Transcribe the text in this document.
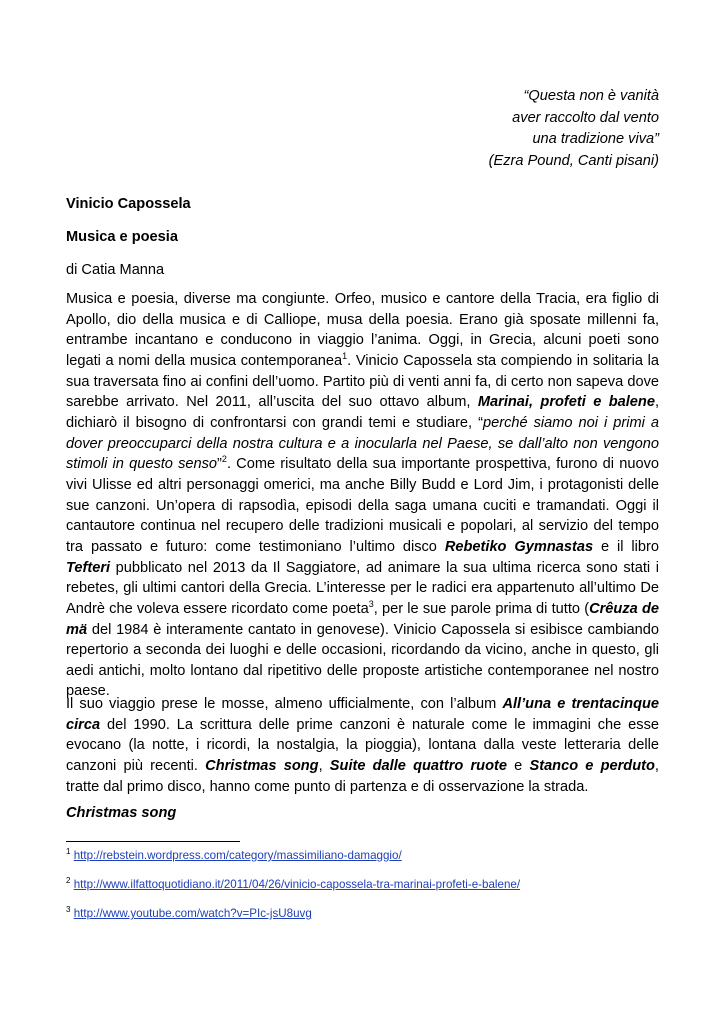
“Questa non è vanità
aver raccolto dal vento
una tradizione viva”
(Ezra Pound, Canti pisani)
Vinicio Capossela
Musica e poesia
di Catia Manna
Musica e poesia, diverse ma congiunte. Orfeo, musico e cantore della Tracia, era figlio di
Apollo, dio della musica e di Calliope, musa della poesia. Erano già sposate millenni fa,
entrambe incantano e conducono in viaggio l’anima. Oggi, in Grecia, alcuni poeti sono
legati a nomi della musica contemporanea$^1$. Vinicio Capossela sta compiendo in solitaria la
sua traversata fino ai confini dell’uomo. Partito più di venti anni fa, di certo non sapeva dove
sarebbe arrivato. Nel 2011, all’uscita del suo ottavo album, Marinai, profeti e balene,
dichiarò il bisogno di confrontarsi con grandi temi e studiare, “perché siamo noi i primi a
dover preoccuparci della nostra cultura e a inocularla nel Paese, se dall’alto non vengono
stimoli in questo senso”$^2$. Come risultato della sua importante prospettiva, furono di nuovo
vivi Ulisse ed altri personaggi omerici, ma anche Billy Budd e Lord Jim, i protagonisti delle
sue canzoni. Un’opera di rapsodìa, episodi della saga umana cuciti e tramandati. Oggi il
cantautore continua nel recupero delle tradizioni musicali e popolari, al servizio del tempo
tra passato e futuro: come testimoniano l’ultimo disco Rebetiko Gymnastas e il libro
Tefteri pubblicato nel 2013 da Il Saggiatore, ad animare la sua ultima ricerca sono stati i
rebetes, gli ultimi cantori della Grecia. L’interesse per le radici era appartenuto all’ultimo De
Andrè che voleva essere ricordato come poeta$^3$, per le sue parole prima di tutto (Crêuza de
mä del 1984 è interamente cantato in genovese). Vinicio Capossela si esibisce cambiando
repertorio a seconda dei luoghi e delle occasioni, ricordando da vicino, anche in questo, gli
aedi antichi, molto lontano dal ripetitivo delle proposte artistiche contemporanee nel nostro
paese.
Il suo viaggio prese le mosse, almeno ufficialmente, con l’album All’una e trentacinque
circa del 1990. La scrittura delle prime canzoni è naturale come le immagini che esse
evocano (la notte, i ricordi, la nostalgia, la pioggia), lontana dalla veste letteraria delle
canzoni più recenti. Christmas song, Suite dalle quattro ruote e Stanco e perduto,
tratte dal primo disco, hanno come punto di partenza e di osservazione la strada.
Christmas song
$^1$ http://rebstein.wordpress.com/category/massimiliano-damaggio/
$^2$ http://www.ilfattoquotidiano.it/2011/04/26/vinicio-capossela-tra-marinai-profeti-e-balene/
$^3$ http://www.youtube.com/watch?v=PIc-jsU8uvg
